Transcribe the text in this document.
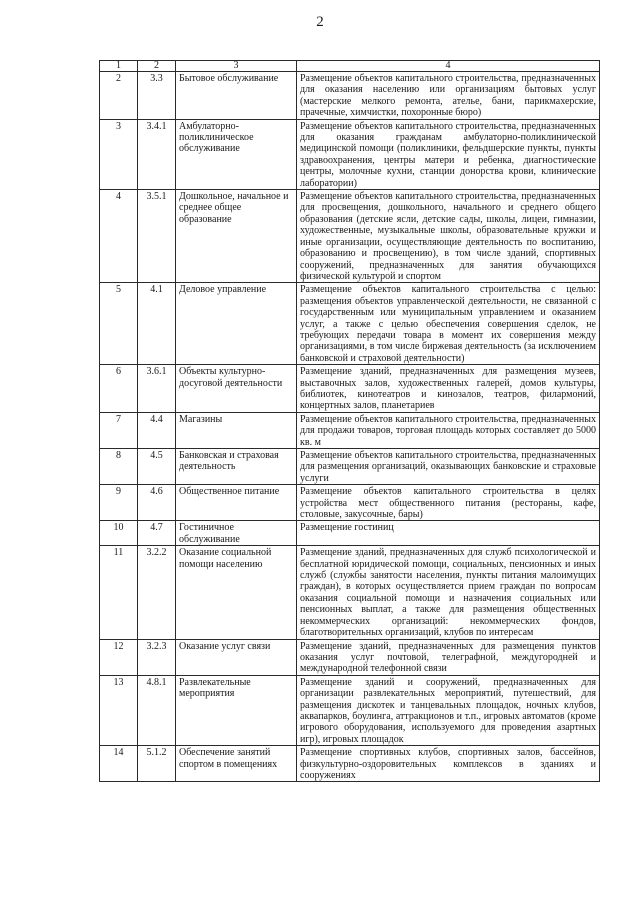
2
1	2	3	4
2	3.3	Бытовое обслуживание	Размещение объектов капитального строительства, предназначенных для оказания населению или организациям бытовых услуг (мастерские мелкого ремонта, ателье, бани, парикмахерские, прачечные, химчистки, похоронные бюро)
3	3.4.1	Амбулаторно-поликлиническое обслуживание	Размещение объектов капитального строительства, предназначенных для оказания гражданам амбулаторно-поликлинической медицинской помощи (поликлиники, фельдшерские пункты, пункты здравоохранения, центры матери и ребенка, диагностические центры, молочные кухни, станции донорства крови, клинические лаборатории)
4	3.5.1	Дошкольное, начальное и среднее общее образование	Размещение объектов капитального строительства, предназначенных для просвещения, дошкольного, начального и среднего общего образования (детские ясли, детские сады, школы, лицеи, гимназии, художественные, музыкальные школы, образовательные кружки и иные организации, осуществляющие деятельность по воспитанию, образованию и просвещению), в том числе зданий, спортивных сооружений, предназначенных для занятия обучающихся физической культурой и спортом
5	4.1	Деловое управление	Размещение объектов капитального строительства с целью: размещения объектов управленческой деятельности, не связанной с государственным или муниципальным управлением и оказанием услуг, а также с целью обеспечения совершения сделок, не требующих передачи товара в момент их совершения между организациями, в том числе биржевая деятельность (за исключением банковской и страховой деятельности)
6	3.6.1	Объекты культурно-досуговой деятельности	Размещение зданий, предназначенных для размещения музеев, выставочных залов, художественных галерей, домов культуры, библиотек, кинотеатров и кинозалов, театров, филармоний, концертных залов, планетариев
7	4.4	Магазины	Размещение объектов капитального строительства, предназначенных для продажи товаров, торговая площадь которых составляет до 5000 кв. м
8	4.5	Банковская и страховая деятельность	Размещение объектов капитального строительства, предназначенных для размещения организаций, оказывающих банковские и страховые услуги
9	4.6	Общественное питание	Размещение объектов капитального строительства в целях устройства мест общественного питания (рестораны, кафе, столовые, закусочные, бары)
10	4.7	Гостиничное обслуживание	Размещение гостиниц
11	3.2.2	Оказание социальной помощи населению	Размещение зданий, предназначенных для служб психологической и бесплатной юридической помощи, социальных, пенсионных и иных служб (службы занятости населения, пункты питания малоимущих граждан), в которых осуществляется прием граждан по вопросам оказания социальной помощи и назначения социальных или пенсионных выплат, а также для размещения общественных некоммерческих организаций: некоммерческих фондов, благотворительных организаций, клубов по интересам
12	3.2.3	Оказание услуг связи	Размещение зданий, предназначенных для размещения пунктов оказания услуг почтовой, телеграфной, междугородней и международной телефонной связи
13	4.8.1	Развлекательные мероприятия	Размещение зданий и сооружений, предназначенных для организации развлекательных мероприятий, путешествий, для размещения дискотек и танцевальных площадок, ночных клубов, аквапарков, боулинга, аттракционов и т.п., игровых автоматов (кроме игрового оборудования, используемого для проведения азартных игр), игровых площадок
14	5.1.2	Обеспечение занятий спортом в помещениях	Размещение спортивных клубов, спортивных залов, бассейнов, физкультурно-оздоровительных комплексов в зданиях и сооружениях
